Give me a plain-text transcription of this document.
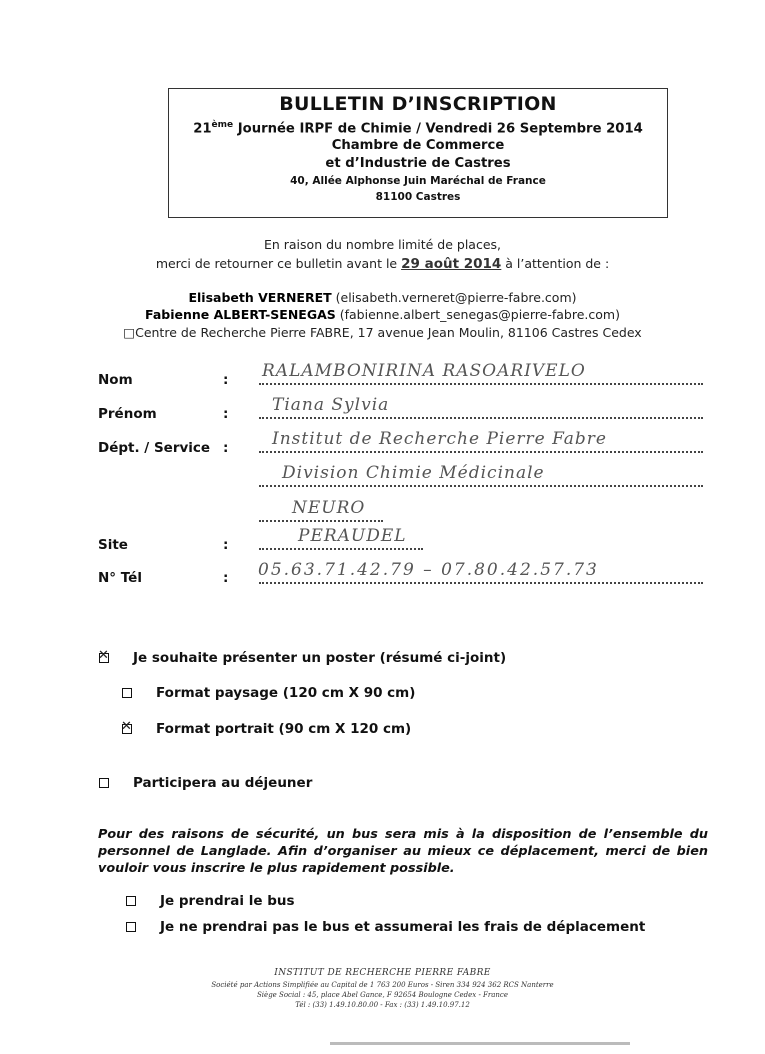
BULLETIN D’INSCRIPTION
21ème Journée IRPF de Chimie / Vendredi 26 Septembre 2014
Chambre de Commerce
et d’Industrie de Castres
40, Allée Alphonse Juin Maréchal de France
81100 Castres
En raison du nombre limité de places,
merci de retourner ce bulletin avant le 29 août 2014 à l’attention de :
Elisabeth VERNERET (elisabeth.verneret@pierre-fabre.com)
Fabienne ALBERT-SENEGAS (fabienne.albert_senegas@pierre-fabre.com)
□Centre de Recherche Pierre FABRE, 17 avenue Jean Moulin, 81106 Castres Cedex
Nom	: RALAMBONIRINA RASOARIVELO
Prénom	:	Tiana Sylvia
Dépt. / Service :	Institut de Recherche Pierre Fabre
Division Chimie Médicinale
NEURO
Site	:	PERAUDEL
N° Tél	: 05.63.71.42.79 – 07.80.42.57.73
✕
Je souhaite présenter un poster (résumé ci-joint)
Format paysage (120 cm X 90 cm)
✕
Format portrait (90 cm X 120 cm)
Participera au déjeuner
Pour des raisons de sécurité, un bus sera mis à la disposition de l’ensemble du personnel de Langlade. Afin d’organiser au mieux ce déplacement, merci de bien vouloir vous inscrire le plus rapidement possible.
Je prendrai le bus
Je ne prendrai pas le bus et assumerai les frais de déplacement
INSTITUT DE RECHERCHE PIERRE FABRE
Société par Actions Simplifiée au Capital de 1 763 200 Euros - Siren 334 924 362 RCS Nanterre
Siège Social : 45, place Abel Gance, F 92654 Boulogne Cedex - France
Tél : (33) 1.49.10.80.00 - Fax : (33) 1.49.10.97.12
